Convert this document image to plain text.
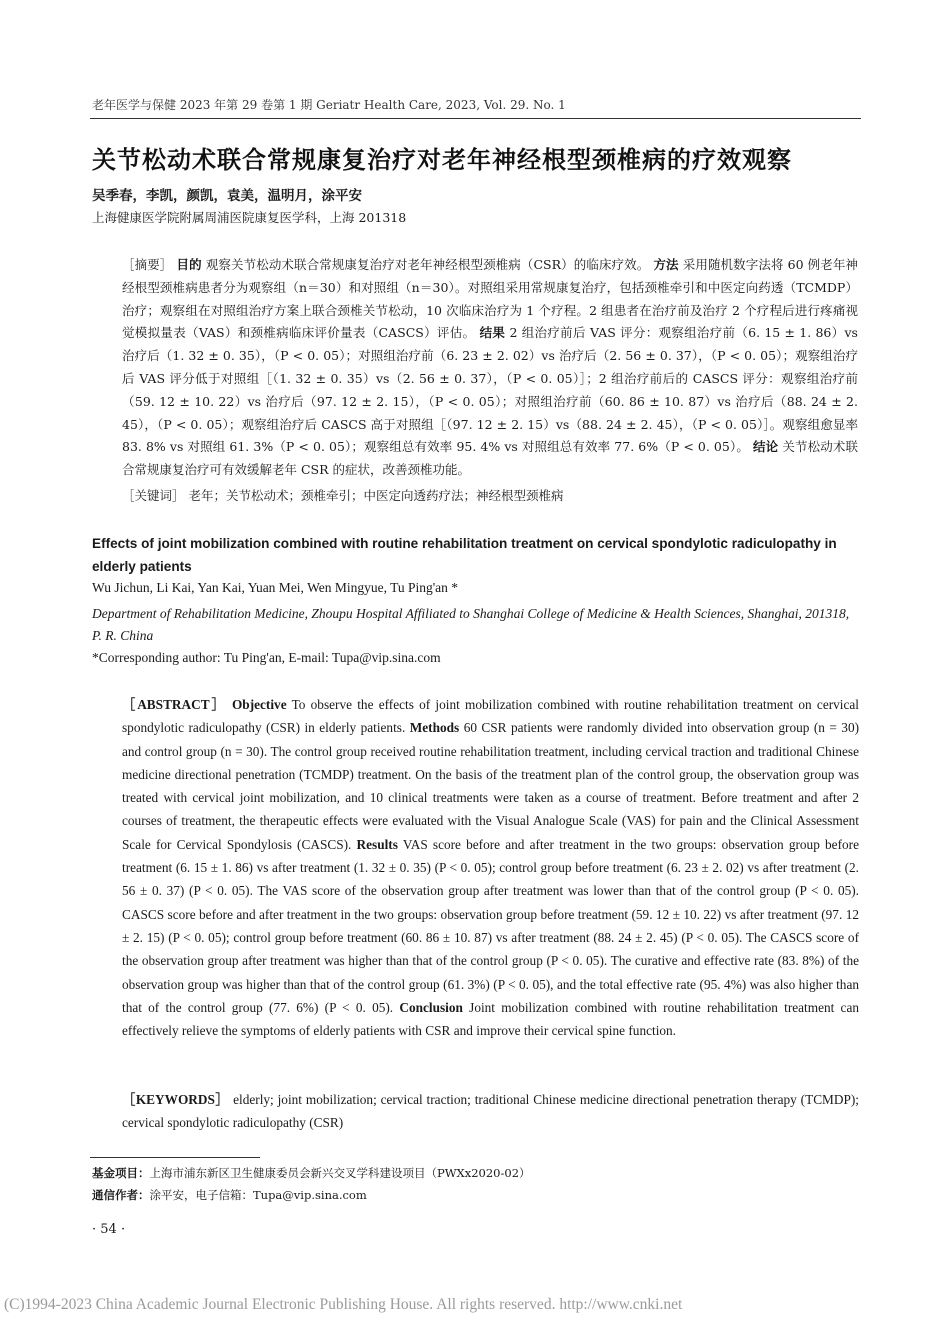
老年医学与保健 2023 年第 29 卷第 1 期 Geriatr Health Care, 2023, Vol. 29. No. 1
关节松动术联合常规康复治疗对老年神经根型颈椎病的疗效观察
吴季春，李凯，颜凯，袁美，温明月，涂平安
上海健康医学院附属周浦医院康复医学科，上海 201318
［摘要］ 目的 观察关节松动术联合常规康复治疗对老年神经根型颈椎病（CSR）的临床疗效。 方法 采用随机数字法将 60 例老年神经根型颈椎病患者分为观察组（n＝30）和对照组（n＝30）。对照组采用常规康复治疗，包括颈椎牵引和中医定向药透（TCMDP）治疗；观察组在对照组治疗方案上联合颈椎关节松动，10 次临床治疗为 1 个疗程。2 组患者在治疗前及治疗 2 个疗程后进行疼痛视觉模拟量表（VAS）和颈椎病临床评价量表（CASCS）评估。 结果 2 组治疗前后 VAS 评分：观察组治疗前（6. 15 ± 1. 86）vs 治疗后（1. 32 ± 0. 35），（P < 0. 05）；对照组治疗前（6. 23 ± 2. 02）vs 治疗后（2. 56 ± 0. 37），（P < 0. 05）；观察组治疗后 VAS 评分低于对照组［（1. 32 ± 0. 35）vs（2. 56 ± 0. 37），（P < 0. 05）］；2 组治疗前后的 CASCS 评分：观察组治疗前（59. 12 ± 10. 22）vs 治疗后（97. 12 ± 2. 15），（P < 0. 05）；对照组治疗前（60. 86 ± 10. 87）vs 治疗后（88. 24 ± 2. 45），（P < 0. 05）；观察组治疗后 CASCS 高于对照组［（97. 12 ± 2. 15）vs（88. 24 ± 2. 45），（P < 0. 05）］。观察组愈显率 83. 8% vs 对照组 61. 3%（P < 0. 05）；观察组总有效率 95. 4% vs 对照组总有效率 77. 6%（P < 0. 05）。 结论 关节松动术联合常规康复治疗可有效缓解老年 CSR 的症状，改善颈椎功能。
［关键词］ 老年；关节松动术；颈椎牵引；中医定向透药疗法；神经根型颈椎病
Effects of joint mobilization combined with routine rehabilitation treatment on cervical spondylotic radiculopathy in elderly patients
Wu Jichun, Li Kai, Yan Kai, Yuan Mei, Wen Mingyue, Tu Ping'an *
Department of Rehabilitation Medicine, Zhoupu Hospital Affiliated to Shanghai College of Medicine & Health Sciences, Shanghai, 201318, P. R. China
*Corresponding author: Tu Ping'an, E-mail: Tupa@vip.sina.com
［ABSTRACT］ Objective To observe the effects of joint mobilization combined with routine rehabilitation treatment on cervical spondylotic radiculopathy (CSR) in elderly patients. Methods 60 CSR patients were randomly divided into observation group (n = 30) and control group (n = 30). The control group received routine rehabilitation treatment, including cervical traction and traditional Chinese medicine directional penetration (TCMDP) treatment. On the basis of the treatment plan of the control group, the observation group was treated with cervical joint mobilization, and 10 clinical treatments were taken as a course of treatment. Before treatment and after 2 courses of treatment, the therapeutic effects were evaluated with the Visual Analogue Scale (VAS) for pain and the Clinical Assessment Scale for Cervical Spondylosis (CASCS). Results VAS score before and after treatment in the two groups: observation group before treatment (6. 15 ± 1. 86) vs after treatment (1. 32 ± 0. 35) (P < 0. 05); control group before treatment (6. 23 ± 2. 02) vs after treatment (2. 56 ± 0. 37) (P < 0. 05). The VAS score of the observation group after treatment was lower than that of the control group (P < 0. 05). CASCS score before and after treatment in the two groups: observation group before treatment (59. 12 ± 10. 22) vs after treatment (97. 12 ± 2. 15) (P < 0. 05); control group before treatment (60. 86 ± 10. 87) vs after treatment (88. 24 ± 2. 45) (P < 0. 05). The CASCS score of the observation group after treatment was higher than that of the control group (P < 0. 05). The curative and effective rate (83. 8%) of the observation group was higher than that of the control group (61. 3%) (P < 0. 05), and the total effective rate (95. 4%) was also higher than that of the control group (77. 6%) (P < 0. 05). Conclusion Joint mobilization combined with routine rehabilitation treatment can effectively relieve the symptoms of elderly patients with CSR and improve their cervical spine function.
［KEYWORDS］ elderly; joint mobilization; cervical traction; traditional Chinese medicine directional penetration therapy (TCMDP); cervical spondylotic radiculopathy (CSR)
基金项目：上海市浦东新区卫生健康委员会新兴交叉学科建设项目（PWXx2020-02）
通信作者：涂平安，电子信箱：Tupa@vip.sina.com
· 54 ·
(C)1994-2023 China Academic Journal Electronic Publishing House. All rights reserved. http://www.cnki.net
